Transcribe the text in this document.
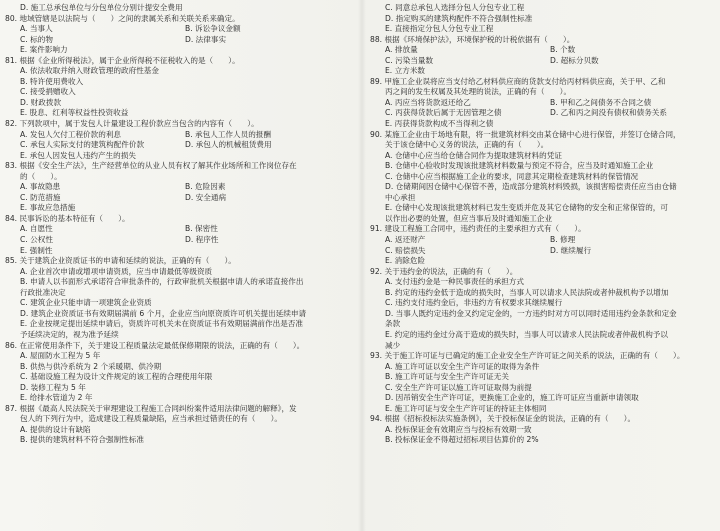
D. 施工总承包单位与分包单位分别计提安全费用
80. 地域管辖是以法院与（　　）之间的隶属关系和关联关系来确定。
A. 当事人	B. 诉讼争议金额
C. 标的物	D. 法律事实
E. 案件影响力
81. 根据《企业所得税法》，属于企业所得税不征税收入的是（　　）。
A. 依法收取并纳入财政管理的政府性基金
B. 特许使用费收入
C. 接受捐赠收入
D. 财政拨款
E. 股息、红利等权益性投资收益
82. 下列款项中，属于发包人计量建设工程价款应当包含的内容有（　　）。
A. 发包人欠付工程价款的利息	B. 承包人工作人员的报酬
C. 承包人实际支付的建筑构配件价款	D. 承包人的机械租赁费用
E. 承包人因发包人违约产生的损失
83. 根据《安全生产法》，生产经营单位的从业人员有权了解其作业场所和工作岗位存在
的（　　）。
A. 事故隐患	B. 危险因素
C. 防范措施	D. 安全通病
E. 事故应急措施
84. 民事诉讼的基本特征有（　　）。
A. 自愿性	B. 保密性
C. 公权性	D. 程序性
E. 强制性
85. 关于建筑企业资质证书的申请和延续的说法，正确的有（　　）。
A. 企业首次申请或增项申请资质，应当申请最低等级资质
B. 申请人以书面形式承诺符合审批条件的，行政审批机关根据申请人的承诺直接作出
行政批准决定
C. 建筑企业只能申请一项建筑企业资质
D. 建筑企业资质证书有效期届满前 6 个月，企业应当向原资质许可机关提出延续申请
E. 企业按规定提出延续申请后，资质许可机关未在资质证书有效期届满前作出是否准
予延续决定的，视为准予延续
86. 在正常使用条件下，关于建设工程质量法定最低保修期限的说法，正确的有（　　）。
A. 屋面防水工程为 5 年
B. 供热与供冷系统为 2 个采暖期、供冷期
C. 基础设施工程为设计文件规定的该工程的合理使用年限
D. 装修工程为 5 年
E. 给排水管道为 2 年
87. 根据《最高人民法院关于审理建设工程施工合同纠纷案件适用法律问题的解释》，发
包人的下列行为中，造成建设工程质量缺陷，应当承担过错责任的有（　　）。
A. 提供的设计有缺陷
B. 提供的建筑材料不符合强制性标准
C. 同意总承包人选择分包人分包专业工程
D. 指定购买的建筑构配件不符合强制性标准
E. 直接指定分包人分包专业工程
88. 根据《环境保护法》，环境保护税的计税依据有（　　）。
A. 排放量	B. 个数
C. 污染当量数	D. 超标分贝数
E. 立方米数
89. 甲施工企业误将应当支付给乙材料供应商的货款支付给丙材料供应商，关于甲、乙和
丙之间的发生权属及其处理的说法，正确的有（　　）。
A. 丙应当将货款返还给乙	B. 甲和乙之间债务不合同之债
C. 丙获得货款后属于无因管理之债	D. 乙和丙之间没有债权和债务关系
E. 丙获得货款构成不当得利之债
90. 某施工企业由于场地有限，将一批建筑材料交由某仓储中心进行保管，并签订仓储合同，
关于该仓储中心义务的说法，正确的有（　　）。
A. 仓储中心应当给仓储合同作为提取建筑材料的凭证
B. 仓储中心验收时发现该批建筑材料数量与预定不符合，应当及时通知施工企业
C. 仓储中心应当根据施工企业的要求，同意其定期检查建筑材料的保管情况
D. 仓储期间因仓储中心保管不善，造成部分建筑材料毁损，该损害赔偿责任应当由仓储
中心承担
E. 仓储中心发现该批建筑材料已发生变质并危及其它仓储物的安全和正常保管的，可
以作出必要的处置，但应当事后及时通知施工企业
91. 建设工程施工合同中，违约责任的主要承担方式有（　　）。
A. 返还财产	B. 修理
C. 赔偿损失	D. 继续履行
E. 消除危险
92. 关于违约金的说法，正确的有（　　）。
A. 支付违约金是一种民事责任的承担方式
B. 约定的违约金低于造成的损失时，当事人可以请求人民法院或者仲裁机构予以增加
C. 违约支付违约金后，非违约方有权要求其继续履行
D. 当事人既约定违约金又约定定金的，一方违约时对方可以同时适用违约金条款和定金
条款
E. 约定的违约金过分高于造成的损失时，当事人可以请求人民法院或者仲裁机构予以
减少
93. 关于施工许可证与已确定的施工企业安全生产许可证之间关系的说法，正确的有（　　）。
A. 施工许可证以安全生产许可证的取得为条件
B. 施工许可证与安全生产许可证无关
C. 安全生产许可证以施工许可证取得为前提
D. 因吊销安全生产许可证，更换施工企业的，施工许可证应当重新申请领取
E. 施工许可证与安全生产许可证的持证主体相同
94. 根据《招标投标法实施条例》，关于投标保证金的说法，正确的有（　　）。
A. 投标保证金有效期应当与投标有效期一致
B. 投标保证金不得超过招标项目估算价的 2%
